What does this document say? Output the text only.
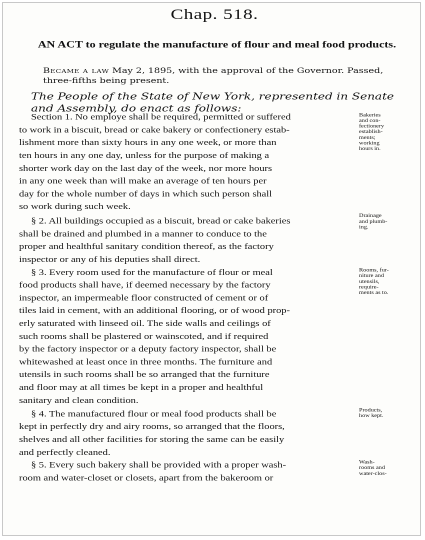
Chap. 518.
AN ACT to regulate the manufacture of flour and meal food products.
Became a law May 2, 1895, with the approval of the Governor. Passed, three-fifths being present.
The People of the State of New York, represented in Senate and Assembly, do enact as follows:
Section 1. No employe shall be required, permitted or suffered
to work in a biscuit, bread or cake bakery or confectionery estab-
lishment more than sixty hours in any one week, or more than
ten hours in any one day, unless for the purpose of making a
shorter work day on the last day of the week, nor more hours
in any one week than will make an average of ten hours per
day for the whole number of days in which such person shall
so work during such week.
Bakeries
and con-
fectionery
establish-
ments;
working
hours in.
§ 2. All buildings occupied as a biscuit, bread or cake bakeries
shall be drained and plumbed in a manner to conduce to the
proper and healthful sanitary condition thereof, as the factory
inspector or any of his deputies shall direct.
Drainage
and plumb-
ing.
§ 3. Every room used for the manufacture of flour or meal
food products shall have, if deemed necessary by the factory
inspector, an impermeable floor constructed of cement or of
tiles laid in cement, with an additional flooring, or of wood prop-
erly saturated with linseed oil. The side walls and ceilings of
such rooms shall be plastered or wainscoted, and if required
by the factory inspector or a deputy factory inspector, shall be
whitewashed at least once in three months. The furniture and
utensils in such rooms shall be so arranged that the furniture
and floor may at all times be kept in a proper and healthful
sanitary and clean condition.
Rooms, fur-
niture and
utensils,
require-
ments as to.
§ 4. The manufactured flour or meal food products shall be
kept in perfectly dry and airy rooms, so arranged that the floors,
shelves and all other facilities for storing the same can be easily
and perfectly cleaned.
Products,
how kept.
§ 5. Every such bakery shall be provided with a proper wash-
room and water-closet or closets, apart from the bakeroom or
Wash-
rooms and
water-clos-
